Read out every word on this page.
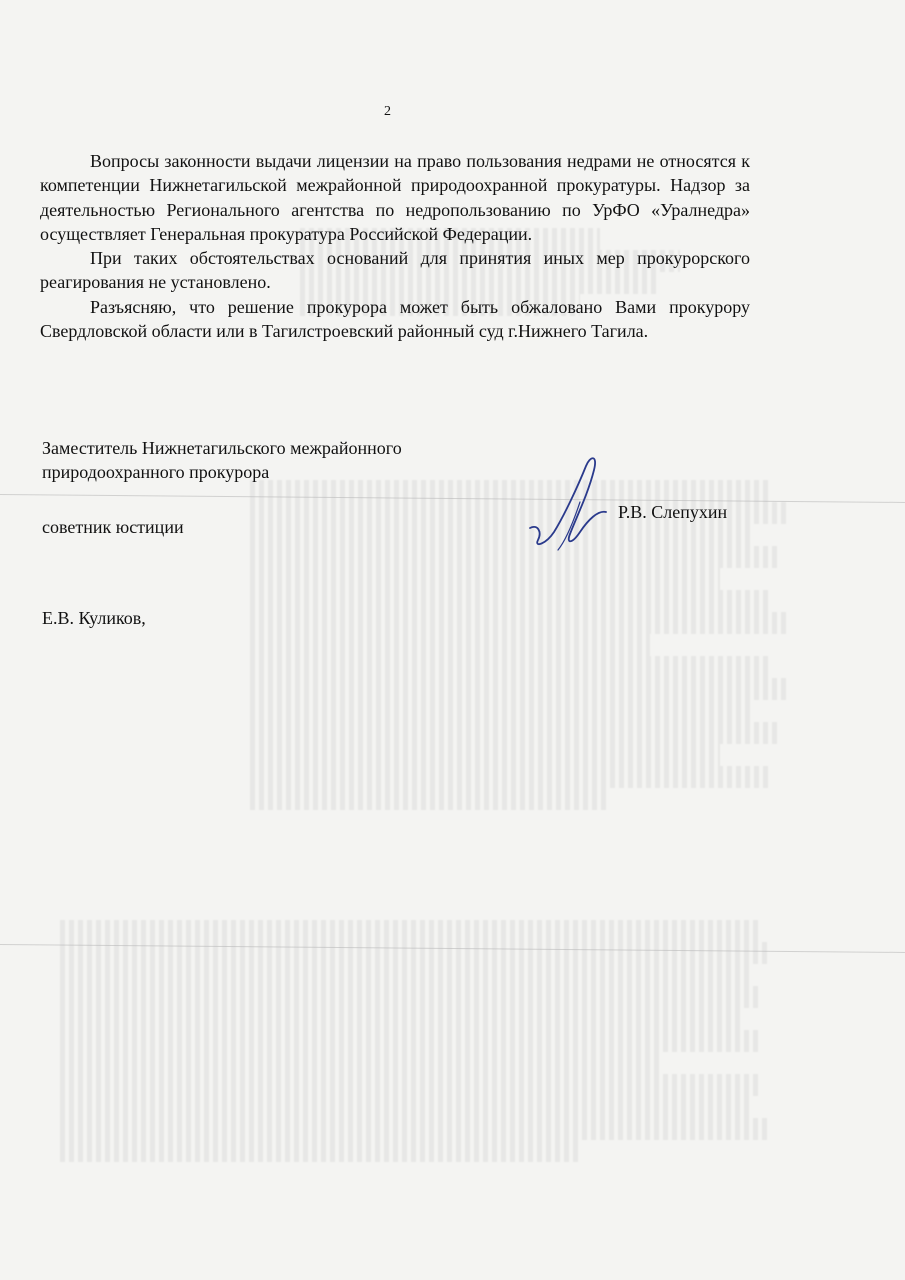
2

Вопросы законности выдачи лицензии на право пользования недрами не относятся к компетенции Нижнетагильской межрайонной природоохранной прокуратуры. Надзор за деятельностью Регионального агентства по недропользованию по УрФО «Уралнедра» осуществляет Генеральная прокуратура Российской Федерации.

При таких обстоятельствах оснований для принятия иных мер прокурорского реагирования не установлено.

Разъясняю, что решение прокурора может быть обжаловано Вами прокурору Свердловской области или в Тагилстроевский районный суд г.Нижнего Тагила.

Заместитель Нижнетагильского межрайонного
природоохранного прокурора
Р.В. Слепухин
советник юстиции
Е.В. Куликов,
